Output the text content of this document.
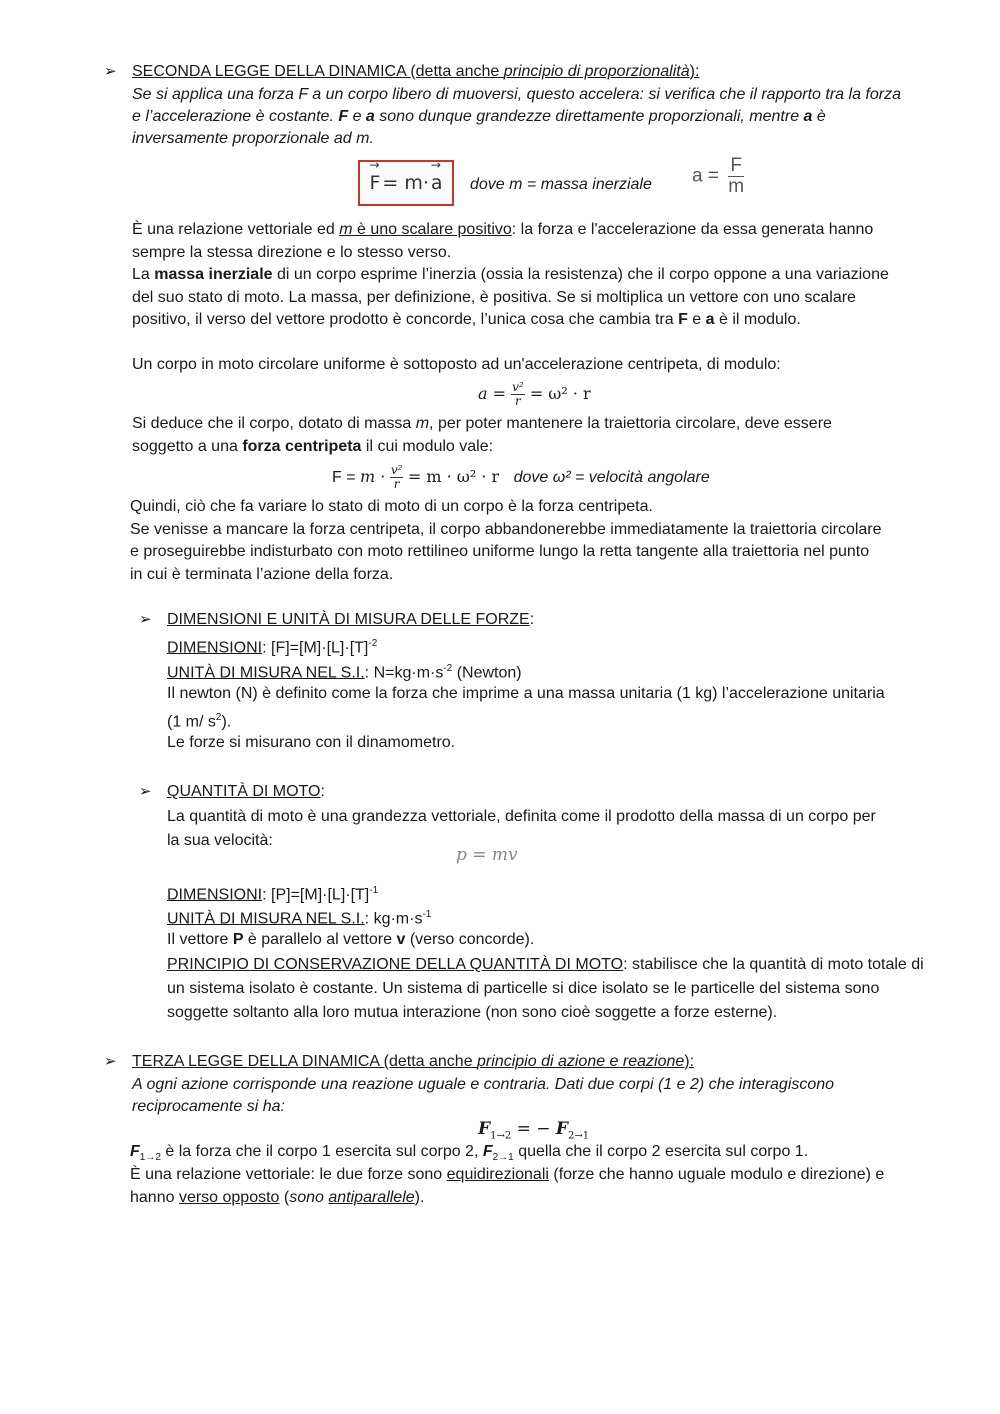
➢ SECONDA LEGGE DELLA DINAMICA (detta anche principio di proporzionalità):
Se si applica una forza F a un corpo libero di muoversi, questo accelera: si verifica che il rapporto tra la forza
e l’accelerazione è costante. F e a sono dunque grandezze direttamente proporzionali, mentre a è
inversamente proporzionale ad m.
→
F = m·
→
a dove m = massa inerziale $a = \frac{F}{m}$
È una relazione vettoriale ed m è uno scalare positivo: la forza e l'accelerazione da essa generata hanno
sempre la stessa direzione e lo stesso verso.
La massa inerziale di un corpo esprime l’inerzia (ossia la resistenza) che il corpo oppone a una variazione
del suo stato di moto. La massa, per definizione, è positiva. Se si moltiplica un vettore con uno scalare
positivo, il verso del vettore prodotto è concorde, l’unica cosa che cambia tra F e a è il modulo.
Un corpo in moto circolare uniforme è sottoposto ad un'accelerazione centripeta, di modulo:
$a = \frac{\text{v²}}{r} = \omega^2 \cdot r$
Si deduce che il corpo, dotato di massa m, per poter mantenere la traiettoria circolare, deve essere
soggetto a una forza centripeta il cui modulo vale:
$F = m \cdot \frac{\text{v²}}{r} = m \cdot \omega^2 \cdot r$ dove ω² = velocità angolare
Quindi, ciò che fa variare lo stato di moto di un corpo è la forza centripeta.
Se venisse a mancare la forza centripeta, il corpo abbandonerebbe immediatamente la traiettoria circolare
e proseguirebbe indisturbato con moto rettilineo uniforme lungo la retta tangente alla traiettoria nel punto
in cui è terminata l’azione della forza.
➢ DIMENSIONI E UNITÀ DI MISURA DELLE FORZE:
DIMENSIONI: $[F]=[M]\cdot[L]\cdot[T]^{-2}$
UNITÀ DI MISURA NEL S.I.: $N=kg\cdot m\cdot s^{-2}$ (Newton)
Il newton (N) è definito come la forza che imprime a una massa unitaria (1 kg) l’accelerazione unitaria
(1 m/ $s^2$).
Le forze si misurano con il dinamometro.
➢ QUANTITÀ DI MOTO:
La quantità di moto è una grandezza vettoriale, definita come il prodotto della massa di un corpo per
la sua velocità:
p = mv
DIMENSIONI: $[P]=[M]\cdot[L]\cdot[T]^{-1}$
UNITÀ DI MISURA NEL S.I.: $kg\cdot m\cdot s^{-1}$
Il vettore P è parallelo al vettore v (verso concorde).
PRINCIPIO DI CONSERVAZIONE DELLA QUANTITÀ DI MOTO: stabilisce che la quantità di moto totale di
un sistema isolato è costante. Un sistema di particelle si dice isolato se le particelle del sistema sono
soggette soltanto alla loro mutua interazione (non sono cioè soggette a forze esterne).
➢ TERZA LEGGE DELLA DINAMICA (detta anche principio di azione e reazione):
A ogni azione corrisponde una reazione uguale e contraria. Dati due corpi (1 e 2) che interagiscono
reciprocamente si ha:
$F_{1\to 2}$ = − $F_{2\to 1}$
$F_{1\to 2}$ è la forza che il corpo 1 esercita sul corpo 2, $F_{2\to 1}$ quella che il corpo 2 esercita sul corpo 1.
È una relazione vettoriale: le due forze sono equidirezionali (forze che hanno uguale modulo e direzione) e
hanno verso opposto (sono antiparallele).
